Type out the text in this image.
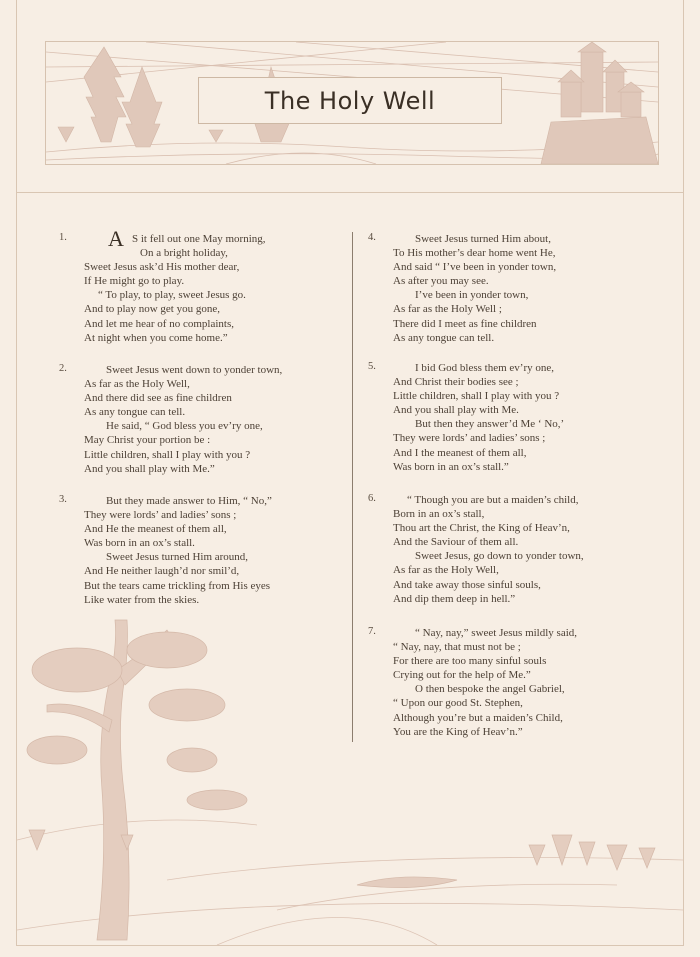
The Holy Well
1. A S it fell out one May morning,
On a bright holiday,
Sweet Jesus ask’d His mother dear,
If He might go to play.
“ To play, to play, sweet Jesus go.
And to play now get you gone,
And let me hear of no complaints,
At night when you come home.”
2.	Sweet Jesus went down to yonder town,
As far as the Holy Well,
And there did see as fine children
As any tongue can tell.
He said, “ God bless you ev’ry one,
May Christ your portion be :
Little children, shall I play with you ?
And you shall play with Me.”
3.	But they made answer to Him, “ No,”
They were lords’ and ladies’ sons ;
And He the meanest of them all,
Was born in an ox’s stall.
Sweet Jesus turned Him around,
And He neither laugh’d nor smil’d,
But the tears came trickling from His eyes
Like water from the skies.
4.	Sweet Jesus turned Him about,
To His mother’s dear home went He,
And said “ I’ve been in yonder town,
As after you may see.
I’ve been in yonder town,
As far as the Holy Well ;
There did I meet as fine children
As any tongue can tell.
5.	I bid God bless them ev’ry one,
And Christ their bodies see ;
Little children, shall I play with you ?
And you shall play with Me.
But then they answer’d Me ‘ No,’
They were lords’ and ladies’ sons ;
And I the meanest of them all,
Was born in an ox’s stall.”
6.	“ Though you are but a maiden’s child,
Born in an ox’s stall,
Thou art the Christ, the King of Heav’n,
And the Saviour of them all.
Sweet Jesus, go down to yonder town,
As far as the Holy Well,
And take away those sinful souls,
And dip them deep in hell.”
7.	“ Nay, nay,” sweet Jesus mildly said,
“ Nay, nay, that must not be ;
For there are too many sinful souls
Crying out for the help of Me.”
O then bespoke the angel Gabriel,
“ Upon our good St. Stephen,
Although you’re but a maiden’s Child,
You are the King of Heav’n.”
